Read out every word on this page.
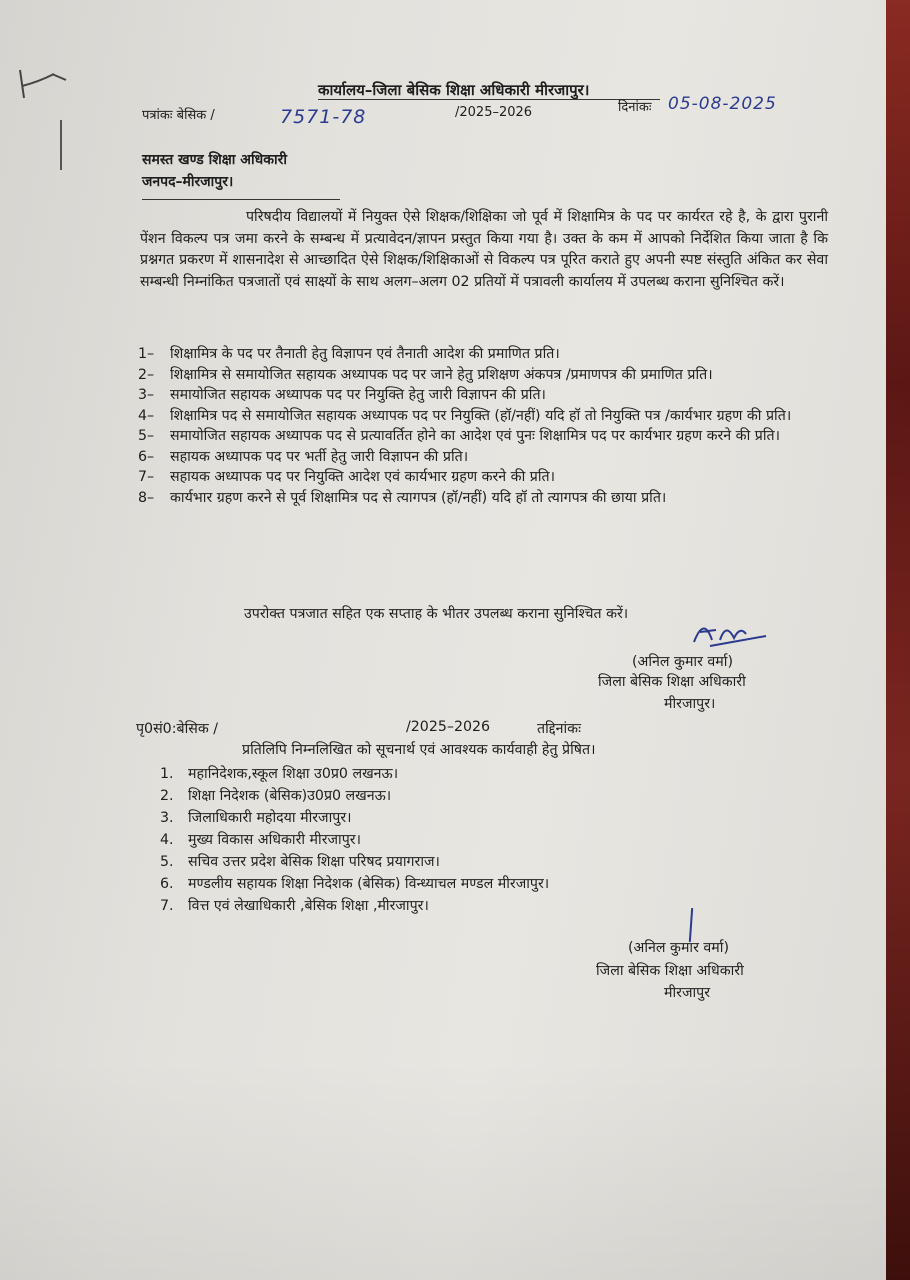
कार्यालय–जिला बेसिक शिक्षा अधिकारी मीरजापुर।
पत्रांकः बेसिक /	7571-78	/2025–2026	दिनांकः 05-08-2025
समस्त खण्ड शिक्षा अधिकारी
जनपद–मीरजापुर।

परिषदीय विद्यालयों में नियुक्त ऐसे शिक्षक/शिक्षिका जो पूर्व में शिक्षामित्र के पद पर कार्यरत रहे है, के द्वारा पुरानी पेंशन विकल्प पत्र जमा करने के सम्बन्ध में प्रत्यावेदन/ज्ञापन प्रस्तुत किया गया है। उक्त के कम में आपको निर्देशित किया जाता है कि प्रश्नगत प्रकरण में शासनादेश से आच्छादित ऐसे शिक्षक/शिक्षिकाओं से विकल्प पत्र पूरित कराते हुए अपनी स्पष्ट संस्तुति अंकित कर सेवा सम्बन्धी निम्नांकित पत्रजातों एवं साक्ष्यों के साथ अलग–अलग 02 प्रतियों में पत्रावली कार्यालय में उपलब्ध कराना सुनिश्चित करें।

1–	शिक्षामित्र के पद पर तैनाती हेतु विज्ञापन एवं तैनाती आदेश की प्रमाणित प्रति।
2–	शिक्षामित्र से समायोजित सहायक अध्यापक पद पर जाने हेतु प्रशिक्षण अंकपत्र /प्रमाणपत्र की प्रमाणित प्रति।
3–	समायोजित सहायक अध्यापक पद पर नियुक्ति हेतु जारी विज्ञापन की प्रति।
4–	शिक्षामित्र पद से समायोजित सहायक अध्यापक पद पर नियुक्ति (हॉ/नहीं) यदि हॉ तो नियुक्ति पत्र /कार्यभार ग्रहण की प्रति।
5–	समायोजित सहायक अध्यापक पद से प्रत्यावर्तित होने का आदेश एवं पुनः शिक्षामित्र पद पर कार्यभार ग्रहण करने की प्रति।
6–	सहायक अध्यापक पद पर भर्ती हेतु जारी विज्ञापन की प्रति।
7–	सहायक अध्यापक पद पर नियुक्ति आदेश एवं कार्यभार ग्रहण करने की प्रति।
8–	कार्यभार ग्रहण करने से पूर्व शिक्षामित्र पद से त्यागपत्र (हॉ/नहीं) यदि हॉ तो त्यागपत्र की छाया प्रति।
उपरोक्त पत्रजात सहित एक सप्ताह के भीतर उपलब्ध कराना सुनिश्चित करें।
(अनिल कुमार वर्मा)
जिला बेसिक शिक्षा अधिकारी
मीरजापुर।
पृ0सं0:बेसिक /	/2025–2026	तद्दिनांकः
प्रतिलिपि निम्नलिखित को सूचनार्थ एवं आवश्यक कार्यवाही हेतु प्रेषित।
1.	महानिदेशक,स्कूल शिक्षा उ0प्र0 लखनऊ।
2.	शिक्षा निदेशक (बेसिक)उ0प्र0 लखनऊ।
3.	जिलाधिकारी महोदया मीरजापुर।
4.	मुख्य विकास अधिकारी मीरजापुर।
5.	सचिव उत्तर प्रदेश बेसिक शिक्षा परिषद प्रयागराज।
6.	मण्डलीय सहायक शिक्षा निदेशक (बेसिक) विन्ध्याचल मण्डल मीरजापुर।
7.	वित्त एवं लेखाधिकारी ,बेसिक शिक्षा ,मीरजापुर।
(अनिल कुमार वर्मा)
जिला बेसिक शिक्षा अधिकारी
मीरजापुर
